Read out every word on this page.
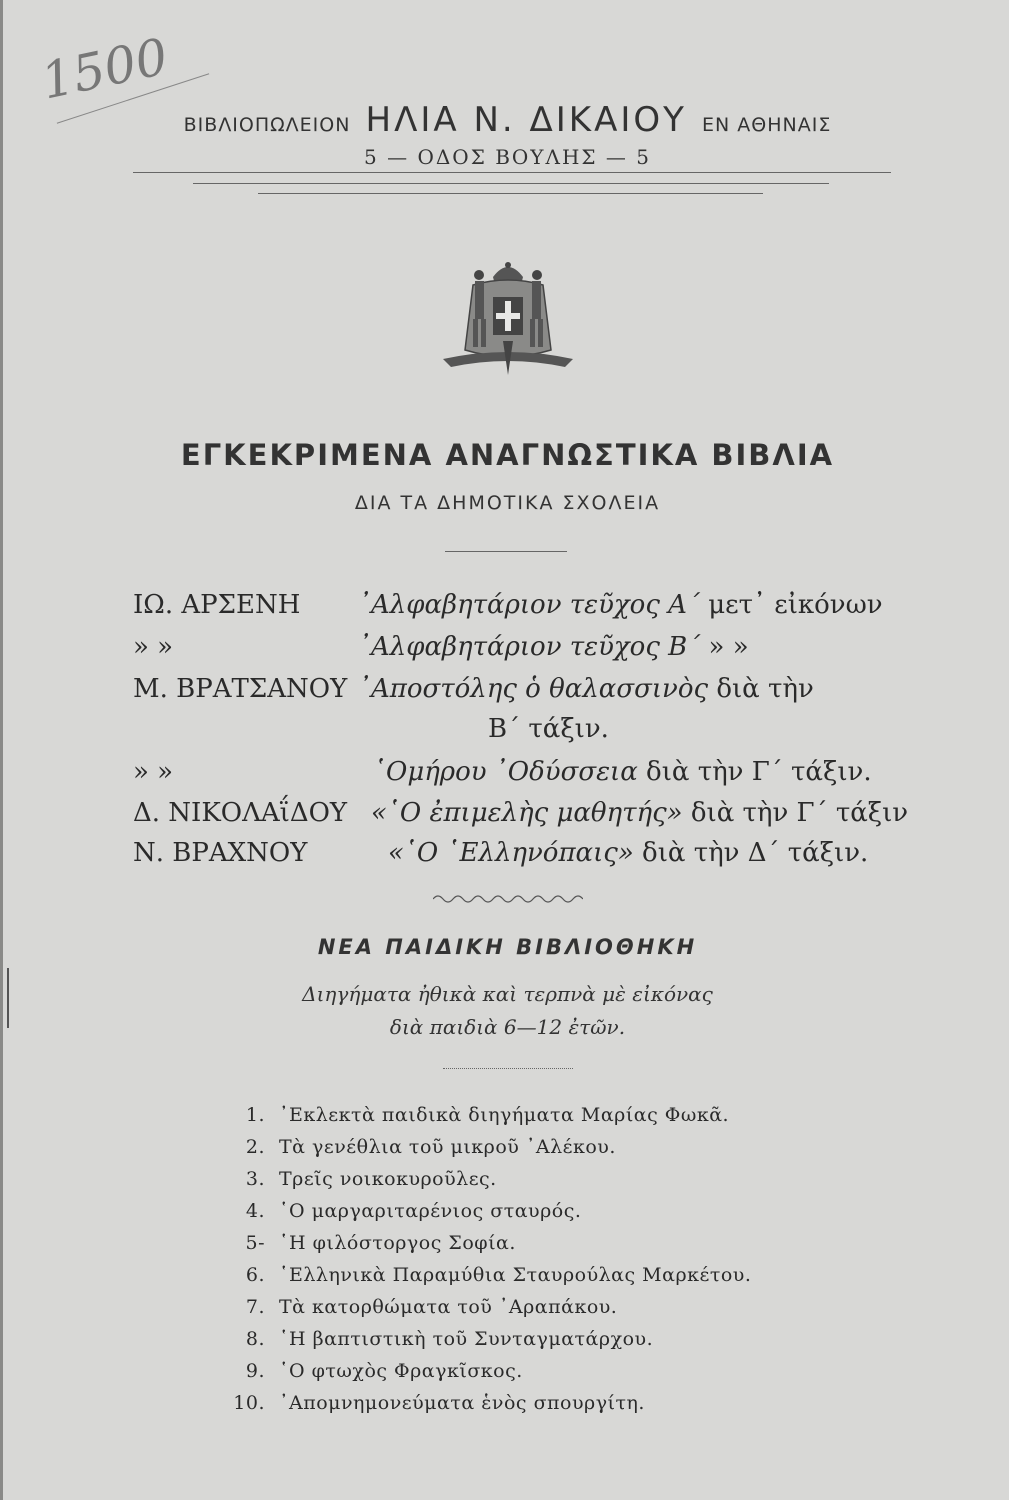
1500
ΒΙΒΛΙΟΠΩΛΕΙΟΝ ΗΛΙΑ Ν. ΔΙΚΑΙΟΥ ΕΝ ΑΘΗΝΑΙΣ
5 — ΟΔΟΣ ΒΟΥΛΗΣ — 5
ΕΓΚΕΚΡΙΜΕΝΑ ΑΝΑΓΝΩΣΤΙΚΑ ΒΙΒΛΙΑ
ΔΙΑ ΤΑ ΔΗΜΟΤΙΚΑ ΣΧΟΛΕΙΑ
ΙΩ. ΑΡΣΕΝΗ ᾿Αλφαβητάριον τεῦχος Α΄ μετ᾿ εἰκόνων
» »	᾿Αλφαβητάριον τεῦχος Β΄ » »
Μ. ΒΡΑΤΣΑΝΟΥ ᾿Αποστόλης ὁ θαλασσινὸς διὰ τὴν
Β΄ τάξιν.
» »	῾Ομήρου ᾿Οδύσσεια διὰ τὴν Γ΄ τάξιν.
Δ. ΝΙΚΟΛΑΐΔΟΥ «῾Ο ἐπιμελὴς μαθητής» διὰ τὴν Γ΄ τάξιν
Ν. ΒΡΑΧΝΟΥ	«῾Ο ῾Ελληνόπαις» διὰ τὴν Δ΄ τάξιν.
ΝΕΑ ΠΑΙΔΙΚΗ ΒΙΒΛΙΟΘΗΚΗ
Διηγήματα ἠθικὰ καὶ τερπνὰ μὲ εἰκόνας
διὰ παιδιὰ 6—12 ἐτῶν.
1. ᾿Εκλεκτὰ παιδικὰ διηγήματα Μαρίας Φωκᾶ.
2. Τὰ γενέθλια τοῦ μικροῦ ᾿Αλέκου.
3. Τρεῖς νοικοκυροῦλες.
4. ῾Ο μαργαριταρένιος σταυρός.
5- ῾Η φιλόστοργος Σοφία.
6. ῾Ελληνικὰ Παραμύθια Σταυρούλας Μαρκέτου.
7. Τὰ κατορθώματα τοῦ ᾿Αραπάκου.
8. ῾Η βαπτιστικὴ τοῦ Συνταγματάρχου.
9. ῾Ο φτωχὸς Φραγκῖσκος.
10. ᾿Απομνημονεύματα ἑνὸς σπουργίτη.
